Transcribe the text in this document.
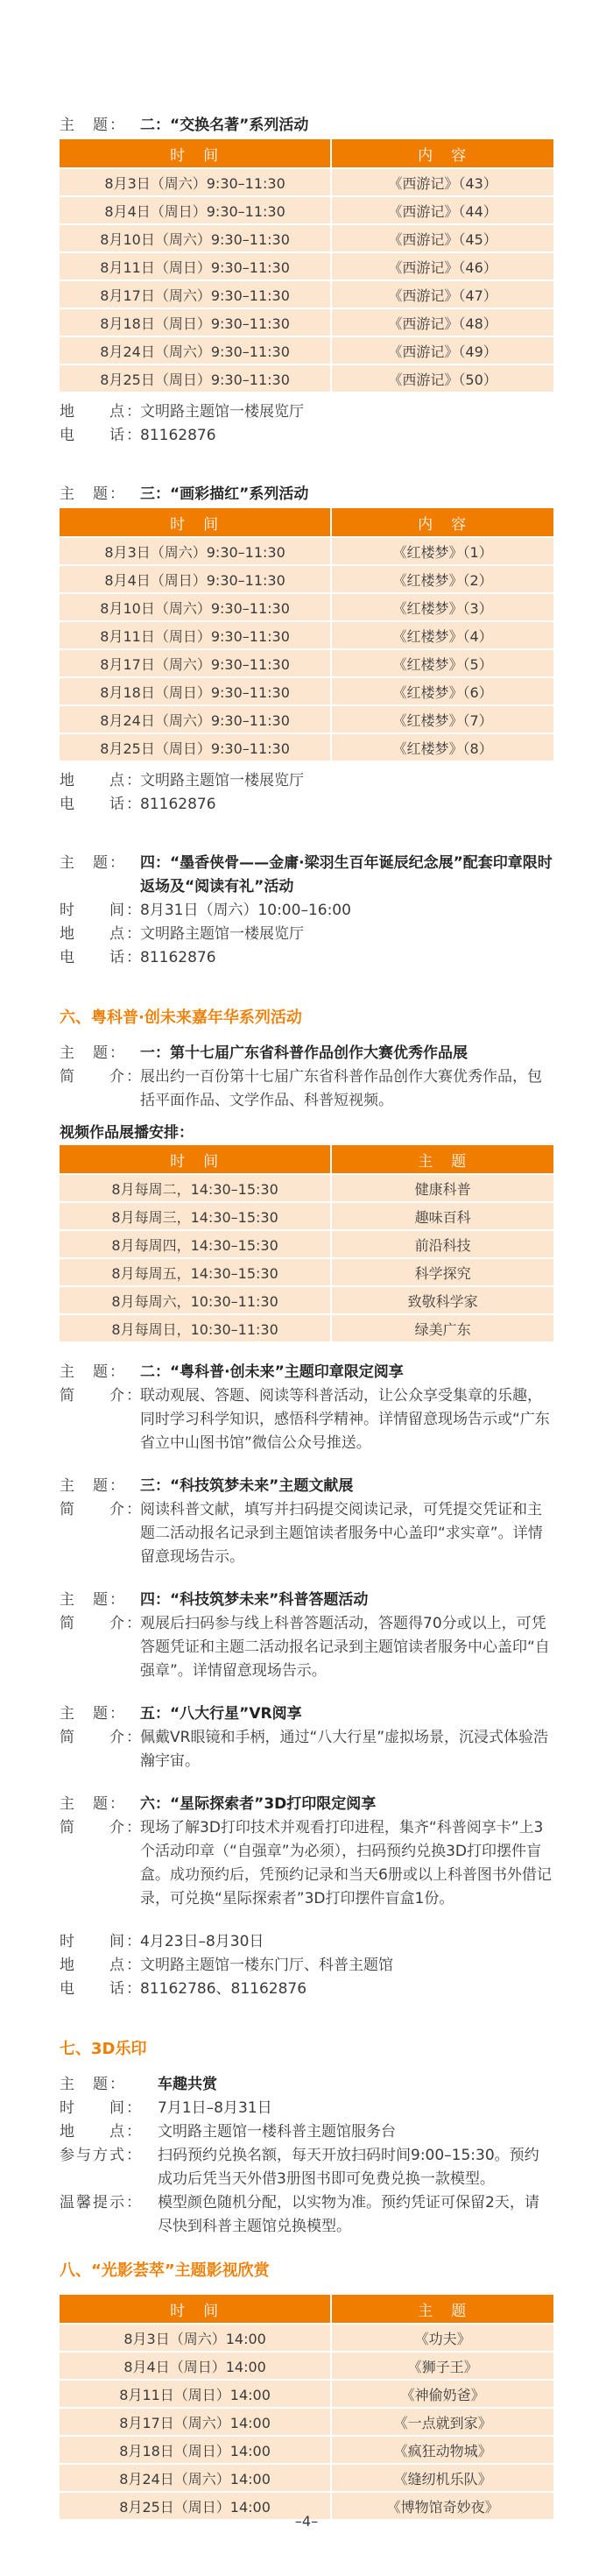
主　题： 二：“交换名著”系列活动
时　间	内　容
8月3日（周六）9:30–11:30	《西游记》（43）
8月4日（周日）9:30–11:30	《西游记》（44）
8月10日（周六）9:30–11:30	《西游记》（45）
8月11日（周日）9:30–11:30	《西游记》（46）
8月17日（周六）9:30–11:30	《西游记》（47）
8月18日（周日）9:30–11:30	《西游记》（48）
8月24日（周六）9:30–11:30	《西游记》（49）
8月25日（周日）9:30–11:30	《西游记》（50）
地　　点：
文明路主题馆一楼展览厅
电　　话：
81162876
主　题： 三：“画彩描红”系列活动
时　间	内　容
8月3日（周六）9:30–11:30	《红楼梦》（1）
8月4日（周日）9:30–11:30	《红楼梦》（2）
8月10日（周六）9:30–11:30	《红楼梦》（3）
8月11日（周日）9:30–11:30	《红楼梦》（4）
8月17日（周六）9:30–11:30	《红楼梦》（5）
8月18日（周日）9:30–11:30	《红楼梦》（6）
8月24日（周六）9:30–11:30	《红楼梦》（7）
8月25日（周日）9:30–11:30	《红楼梦》（8）
地　　点：
文明路主题馆一楼展览厅
电　　话：
81162876
主　题： 四：“墨香侠骨——金庸·梁羽生百年诞辰纪念展”配套印章限时返场及“阅读有礼”活动
时　　间：
8月31日（周六）10:00–16:00
地　　点：
文明路主题馆一楼展览厅
电　　话：
81162876
六、粤科普·创未来嘉年华系列活动
主　题： 一：第十七届广东省科普作品创作大赛优秀作品展
简　　介：
展出约一百份第十七届广东省科普作品创作大赛优秀作品，包括平面作品、文学作品、科普短视频。
视频作品展播安排：
时　间	主　题
8月每周二，14:30–15:30	健康科普
8月每周三，14:30–15:30	趣味百科
8月每周四，14:30–15:30	前沿科技
8月每周五，14:30–15:30	科学探究
8月每周六，10:30–11:30	致敬科学家
8月每周日，10:30–11:30	绿美广东
主　题： 二：“粤科普·创未来”主题印章限定阅享
简　　介：
联动观展、答题、阅读等科普活动，让公众享受集章的乐趣，同时学习科学知识，感悟科学精神。详情留意现场告示或“广东省立中山图书馆”微信公众号推送。
主　题： 三：“科技筑梦未来”主题文献展
简　　介：
阅读科普文献，填写并扫码提交阅读记录，可凭提交凭证和主题二活动报名记录到主题馆读者服务中心盖印“求实章”。详情留意现场告示。
主　题： 四：“科技筑梦未来”科普答题活动
简　　介：
观展后扫码参与线上科普答题活动，答题得70分或以上，可凭答题凭证和主题二活动报名记录到主题馆读者服务中心盖印“自强章”。详情留意现场告示。
主　题： 五：“八大行星”VR阅享
简　　介：
佩戴VR眼镜和手柄，通过“八大行星”虚拟场景，沉浸式体验浩瀚宇宙。
主　题： 六：“星际探索者”3D打印限定阅享
简　　介：
现场了解3D打印技术并观看打印进程，集齐“科普阅享卡”上3个活动印章（“自强章”为必须），扫码预约兑换3D打印摆件盲盒。成功预约后，凭预约记录和当天6册或以上科普图书外借记录，可兑换“星际探索者”3D打印摆件盲盒1份。
时　　间：
4月23日–8月30日
地　　点：
文明路主题馆一楼东门厅、科普主题馆
电　　话：
81162786、81162876
七、3D乐印
主　题：	车趣共赏
时　　间：	7月1日–8月31日
地　　点：	文明路主题馆一楼科普主题馆服务台
参与方式：	扫码预约兑换名额，每天开放扫码时间9:00–15:30。预约成功后凭当天外借3册图书即可免费兑换一款模型。
温馨提示：	模型颜色随机分配，以实物为准。预约凭证可保留2天，请尽快到科普主题馆兑换模型。
八、“光影荟萃”主题影视欣赏
时　间	主　题
8月3日（周六）14:00	《功夫》
8月4日（周日）14:00	《狮子王》
8月11日（周日）14:00	《神偷奶爸》
8月17日（周六）14:00	《一点就到家》
8月18日（周日）14:00	《疯狂动物城》
8月24日（周六）14:00	《缝纫机乐队》
8月25日（周日）14:00	《博物馆奇妙夜》
–4–
